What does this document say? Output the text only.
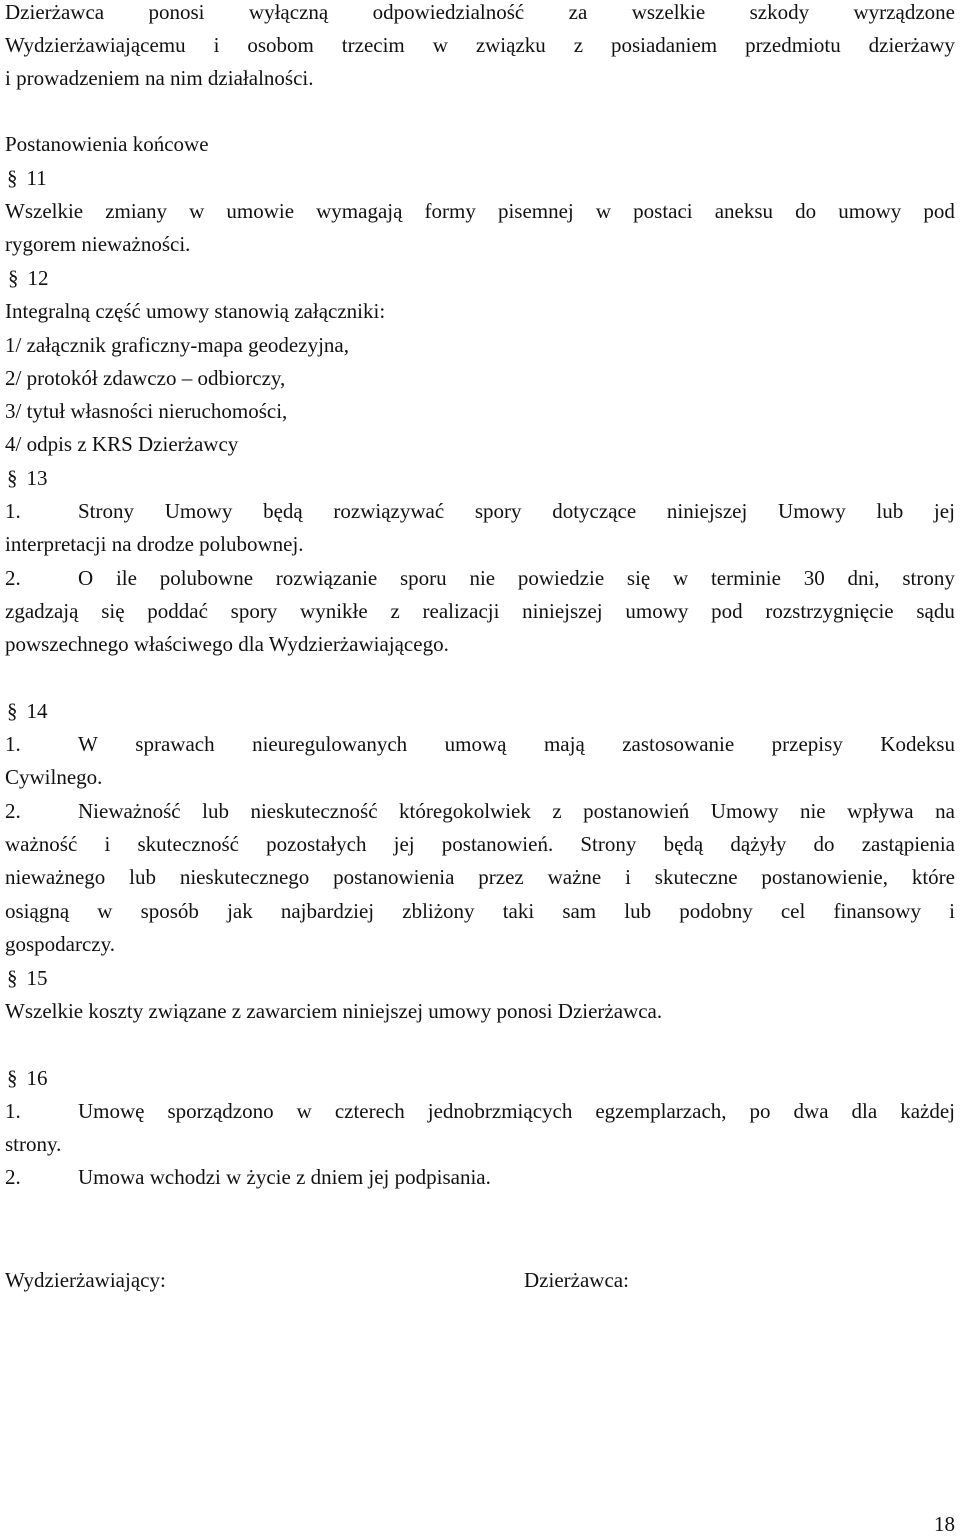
Dzierżawca ponosi wyłączną odpowiedzialność za wszelkie szkody wyrządzone
Wydzierżawiającemu i osobom trzecim w związku z posiadaniem przedmiotu dzierżawy
i prowadzeniem na nim działalności.
Postanowienia końcowe
§ 11
Wszelkie zmiany w umowie wymagają formy pisemnej w postaci aneksu do umowy pod
rygorem nieważności.
§ 12
Integralną część umowy stanowią załączniki:
1/ załącznik graficzny-mapa geodezyjna,
2/ protokół zdawczo – odbiorczy,
3/ tytuł własności nieruchomości,
4/ odpis z KRS Dzierżawcy
§ 13
1.	Strony Umowy będą rozwiązywać spory dotyczące niniejszej Umowy lub jej
interpretacji na drodze polubownej.
2.	O ile polubowne rozwiązanie sporu nie powiedzie się w terminie 30 dni, strony
zgadzają się poddać spory wynikłe z realizacji niniejszej umowy pod rozstrzygnięcie sądu
powszechnego właściwego dla Wydzierżawiającego.
§ 14
1.	W sprawach nieuregulowanych umową mają zastosowanie przepisy Kodeksu
Cywilnego.
2.	Nieważność lub nieskuteczność któregokolwiek z postanowień Umowy nie wpływa na
ważność i skuteczność pozostałych jej postanowień. Strony będą dążyły do zastąpienia
nieważnego lub nieskutecznego postanowienia przez ważne i skuteczne postanowienie, które
osiągną w sposób jak najbardziej zbliżony taki sam lub podobny cel finansowy i
gospodarczy.
§ 15
Wszelkie koszty związane z zawarciem niniejszej umowy ponosi Dzierżawca.
§ 16
1.	Umowę sporządzono w czterech jednobrzmiących egzemplarzach, po dwa dla każdej
strony.
2.	Umowa wchodzi w życie z dniem jej podpisania.
Wydzierżawiający:	Dzierżawca:
18
